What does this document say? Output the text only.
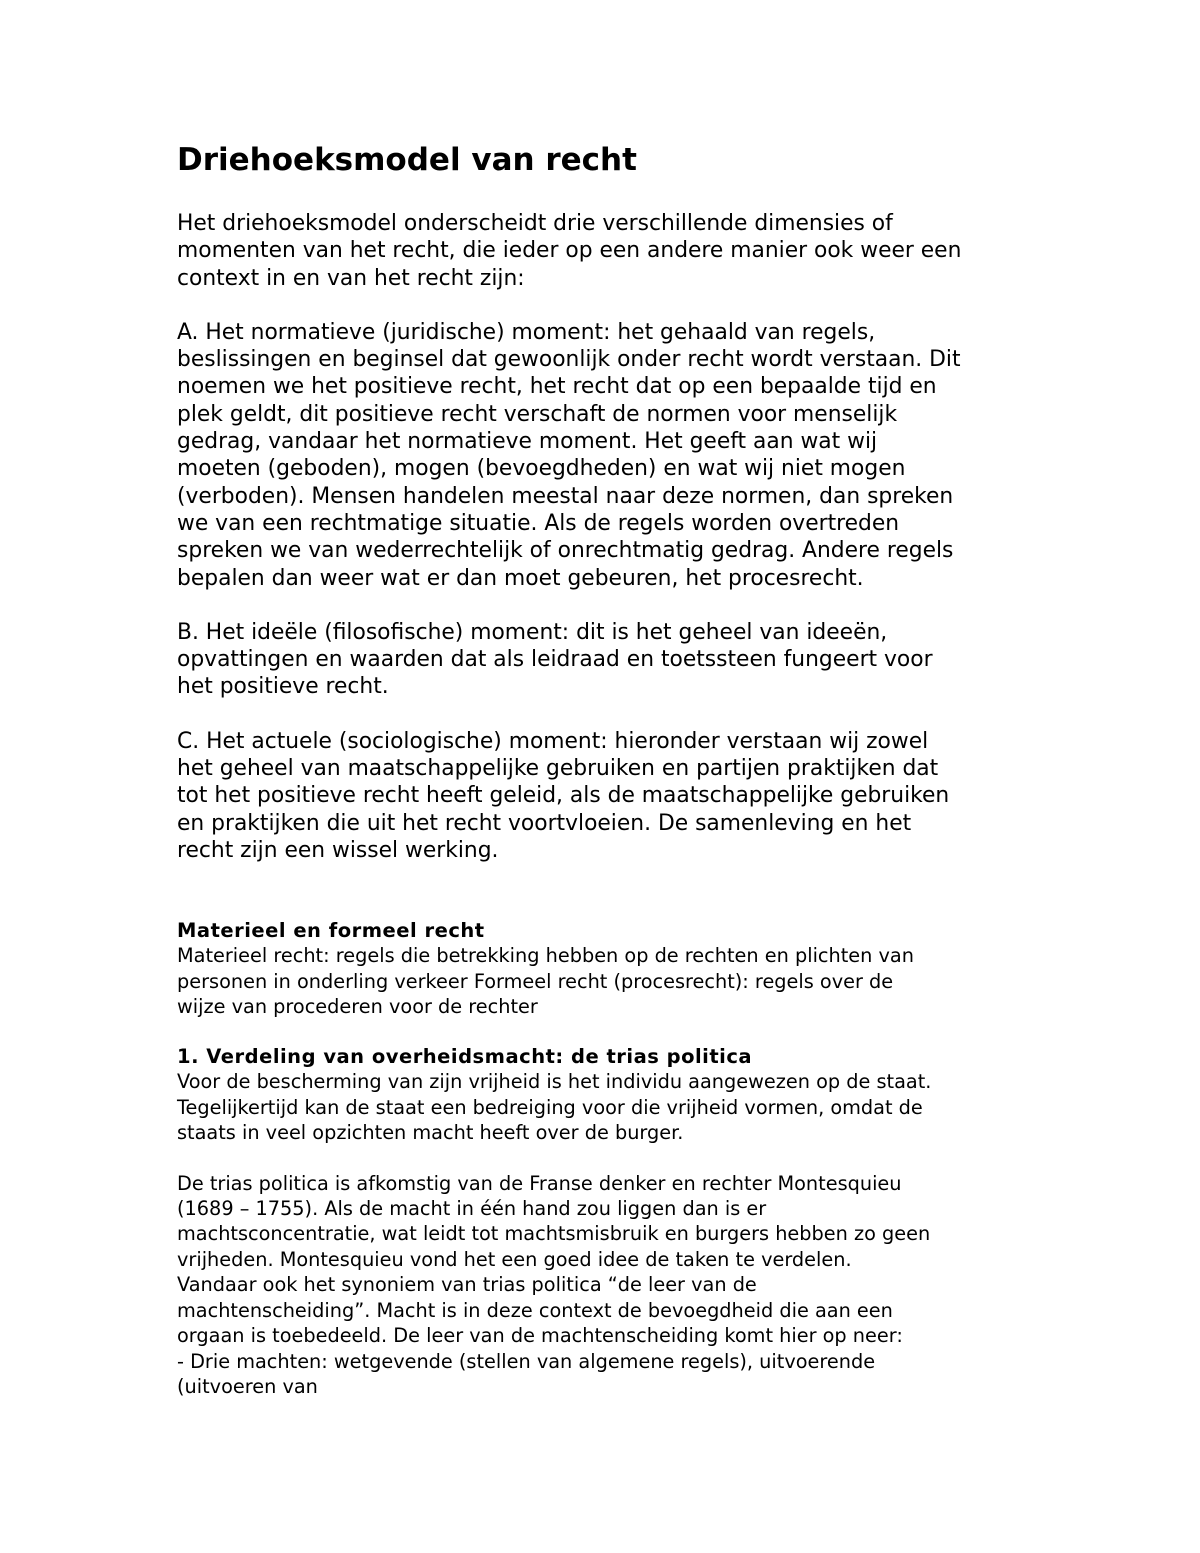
Driehoeksmodel van recht

Het driehoeksmodel onderscheidt drie verschillende dimensies of
momenten van het recht, die ieder op een andere manier ook weer een
context in en van het recht zijn:

A. Het normatieve (juridische) moment: het gehaald van regels,
beslissingen en beginsel dat gewoonlijk onder recht wordt verstaan. Dit
noemen we het positieve recht, het recht dat op een bepaalde tijd en
plek geldt, dit positieve recht verschaft de normen voor menselijk
gedrag, vandaar het normatieve moment. Het geeft aan wat wij
moeten (geboden), mogen (bevoegdheden) en wat wij niet mogen
(verboden). Mensen handelen meestal naar deze normen, dan spreken
we van een rechtmatige situatie. Als de regels worden overtreden
spreken we van wederrechtelijk of onrechtmatig gedrag. Andere regels
bepalen dan weer wat er dan moet gebeuren, het procesrecht.

B. Het ideële (filosofische) moment: dit is het geheel van ideeën,
opvattingen en waarden dat als leidraad en toetssteen fungeert voor
het positieve recht.

C. Het actuele (sociologische) moment: hieronder verstaan wij zowel
het geheel van maatschappelijke gebruiken en partijen praktijken dat
tot het positieve recht heeft geleid, als de maatschappelijke gebruiken
en praktijken die uit het recht voortvloeien. De samenleving en het
recht zijn een wissel werking.

Materieel en formeel recht

Materieel recht: regels die betrekking hebben op de rechten en plichten van
personen in onderling verkeer Formeel recht (procesrecht): regels over de
wijze van procederen voor de rechter

1. Verdeling van overheidsmacht: de trias politica

Voor de bescherming van zijn vrijheid is het individu aangewezen op de staat.
Tegelijkertijd kan de staat een bedreiging voor die vrijheid vormen, omdat de
staats in veel opzichten macht heeft over de burger.

De trias politica is afkomstig van de Franse denker en rechter Montesquieu
(1689 – 1755). Als de macht in één hand zou liggen dan is er
machtsconcentratie, wat leidt tot machtsmisbruik en burgers hebben zo geen
vrijheden. Montesquieu vond het een goed idee de taken te verdelen.
Vandaar ook het synoniem van trias politica “de leer van de
machtenscheiding”. Macht is in deze context de bevoegdheid die aan een
orgaan is toebedeeld. De leer van de machtenscheiding komt hier op neer:
- Drie machten: wetgevende (stellen van algemene regels), uitvoerende
(uitvoeren van
